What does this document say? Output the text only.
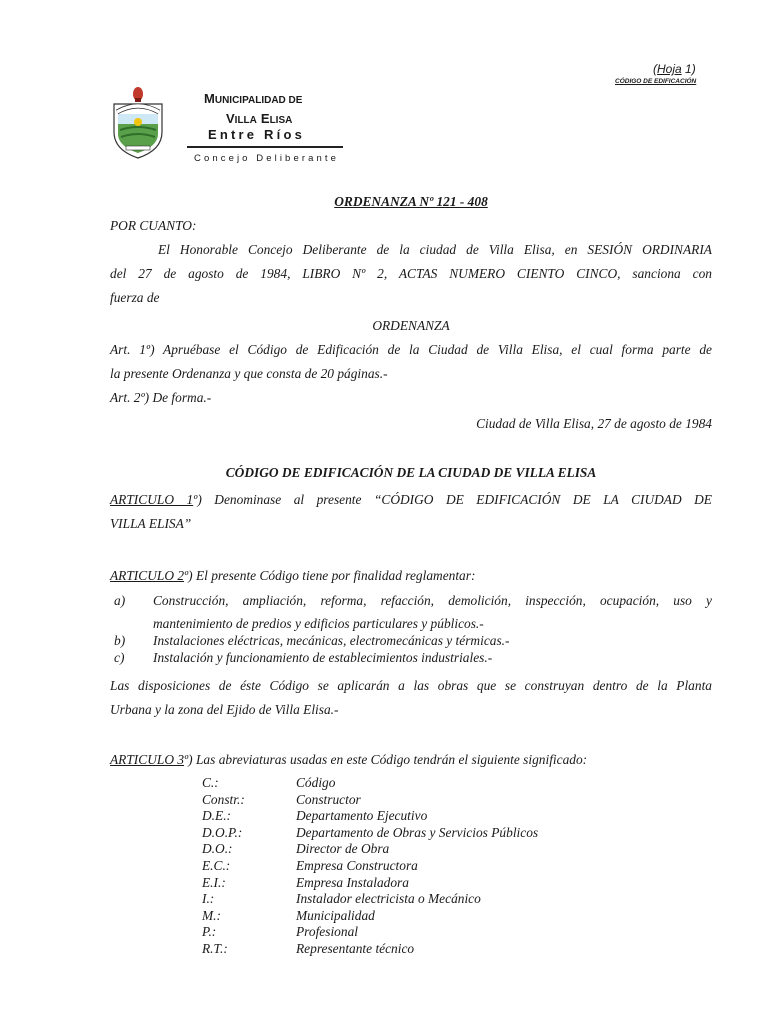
(Hoja 1)
CÓDIGO DE EDIFICACIÓN
MUNICIPALIDAD DE
VILLA ELISA
Entre Ríos
Concejo Deliberante
ORDENANZA Nº 121 - 408
POR CUANTO:
El Honorable Concejo Deliberante de la ciudad de Villa Elisa, en SESIÓN ORDINARIA
del 27 de agosto de 1984, LIBRO Nº 2, ACTAS NUMERO CIENTO CINCO, sanciona con
fuerza de
ORDENANZA
Art. 1º) Apruébase el Código de Edificación de la Ciudad de Villa Elisa, el cual forma parte de
la presente Ordenanza y que consta de 20 páginas.-
Art. 2º) De forma.-
Ciudad de Villa Elisa, 27 de agosto de 1984
CÓDIGO DE EDIFICACIÓN DE LA CIUDAD DE VILLA ELISA
ARTICULO 1º) Denominase al presente “CÓDIGO DE EDIFICACIÓN DE LA CIUDAD DE
VILLA ELISA”
ARTICULO 2º) El presente Código tiene por finalidad reglamentar:
a) Construcción, ampliación, reforma, refacción, demolición, inspección, ocupación, uso y
mantenimiento de predios y edificios particulares y públicos.-
b) Instalaciones eléctricas, mecánicas, electromecánicas y térmicas.-
c) Instalación y funcionamiento de establecimientos industriales.-
Las disposiciones de éste Código se aplicarán a las obras que se construyan dentro de la Planta
Urbana y la zona del Ejido de Villa Elisa.-
ARTICULO 3º) Las abreviaturas usadas en este Código tendrán el siguiente significado:
C.:	Código
Constr.:	Constructor
D.E.:	Departamento Ejecutivo
D.O.P.:	Departamento de Obras y Servicios Públicos
D.O.:	Director de Obra
E.C.:	Empresa Constructora
E.I.:	Empresa Instaladora
I.:	Instalador electricista o Mecánico
M.:	Municipalidad
P.:	Profesional
R.T.:	Representante técnico
